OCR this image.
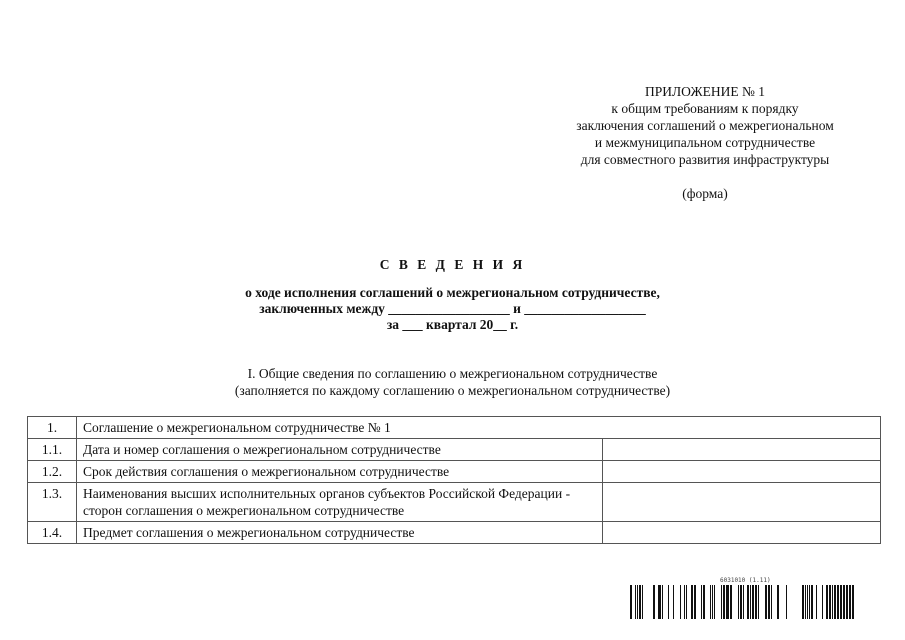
ПРИЛОЖЕНИЕ № 1
к общим требованиям к порядку
заключения соглашений о межрегиональном
и межмуниципальном сотрудничестве
для совместного развития инфраструктуры
(форма)
С В Е Д Е Н И Я
о ходе исполнения соглашений о межрегиональном сотрудничестве,
заключенных между __________________ и __________________
за ___ квартал 20__ г.
I. Общие сведения по соглашению о межрегиональном сотрудничестве
(заполняется по каждому соглашению о межрегиональном сотрудничестве)
1.	Соглашение о межрегиональном сотрудничестве № 1	
1.1.	Дата и номер соглашения о межрегиональном сотрудничестве	
1.2.	Срок действия соглашения о межрегиональном сотрудничестве	
1.3.	Наименования высших исполнительных органов субъектов Российской Федерации - сторон соглашения о межрегиональном сотрудничестве	
1.4.	Предмет соглашения о межрегиональном сотрудничестве	
6031010 (1.11)
